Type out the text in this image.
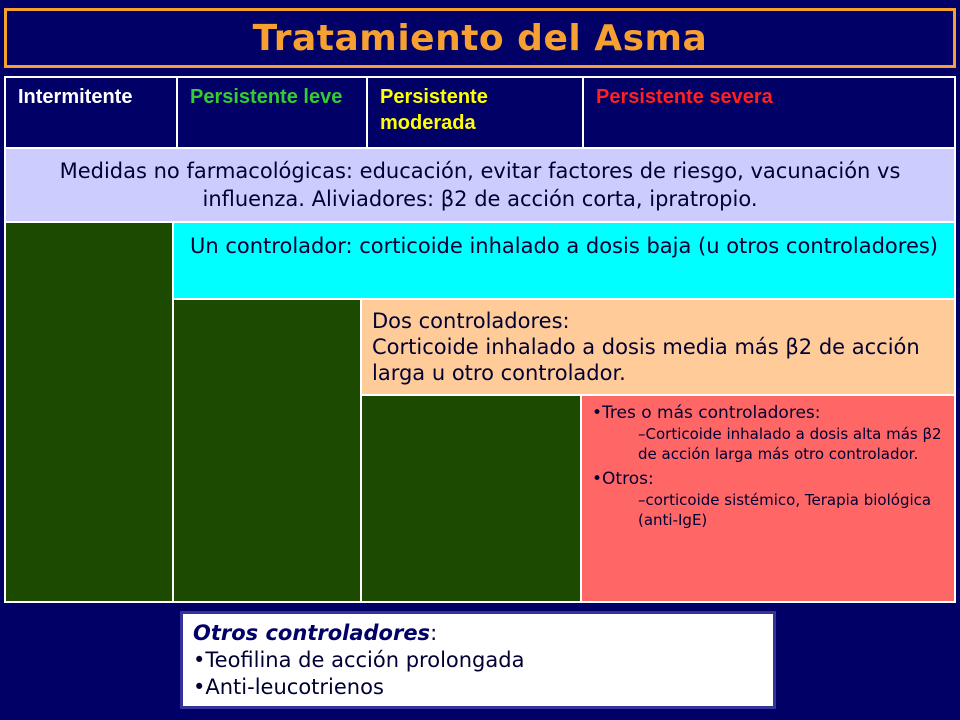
Tratamiento del Asma
Intermitente	Persistente leve	Persistente moderada
Persistente severa
Medidas no farmacológicas: educación, evitar factores de riesgo, vacunación vs influenza. Aliviadores: β2 de acción corta, ipratropio.
Un controlador: corticoide inhalado a dosis baja (u otros controladores)
Dos controladores:
Corticoide inhalado a dosis media más β2 de acción larga u otro controlador.
•Tres o más controladores:
–Corticoide inhalado a dosis alta más β2 de acción larga más otro controlador.
•Otros:
–corticoide sistémico, Terapia biológica (anti-IgE)
Otros controladores:
•Teofilina de acción prolongada
•Anti-leucotrienos
